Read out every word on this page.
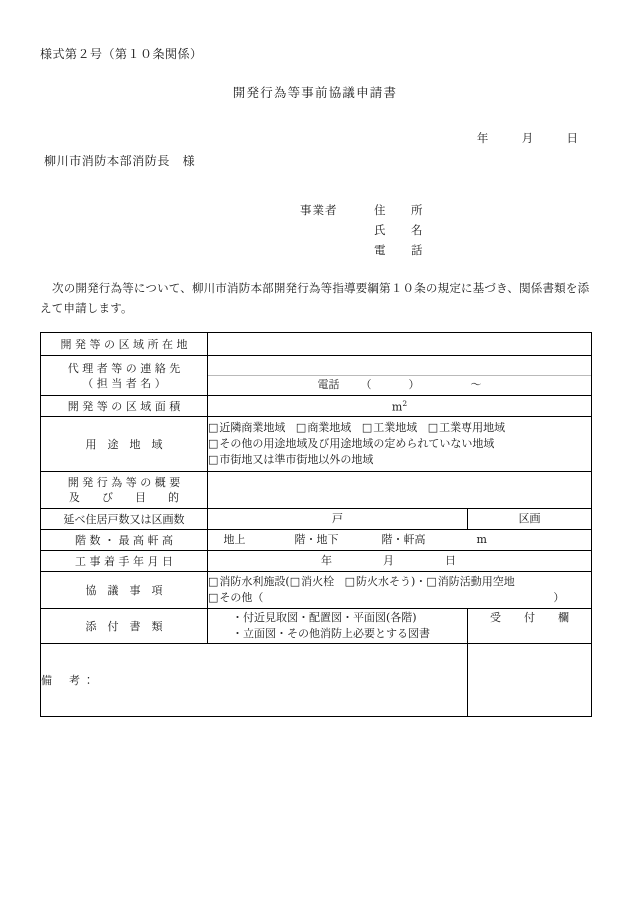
様式第２号（第１０条関係）
開発行為等事前協議申請書
年	月	日
柳川市消防本部消防長　様
事業者	住　所
氏　名
電　話
次の開発行為等について、柳川市消防本部開発行為等指導要綱第１０条の規定に基づき、関係書類を添えて申請します。
開 発 等 の 区 域 所 在 地		
代 理 者 等 の 連 絡 先
（ 担 当 者 名 ）	電話 （ ） ～	

開 発 等 の 区 域 面 積	$m^2$
用　途　地　域	□近隣商業地域 □商業地域 □工業地域 □工業専用地域
□その他の用途地域及び用途地域の定められていない地域
□市街地又は準市街地以外の地域	

開 発 行 為 等 の 概 要
及　　び　　目　　的		
延べ住居戸数又は区画数	戸	区画
階 数 ・ 最 高 軒 高	地上 階・地下 階・軒高 m	
工 事 着 手 年 月 日	年 月 日	
協　議　事　項	□消防水利施設(□消火栓 □防火水そう)・□消防活動用空地
□その他（ ）	

添　付　書　類	・付近見取図・配置図・平面図(各階)
・立面図・その他消防上必要とする図書	受　付　欄
備　考：		
